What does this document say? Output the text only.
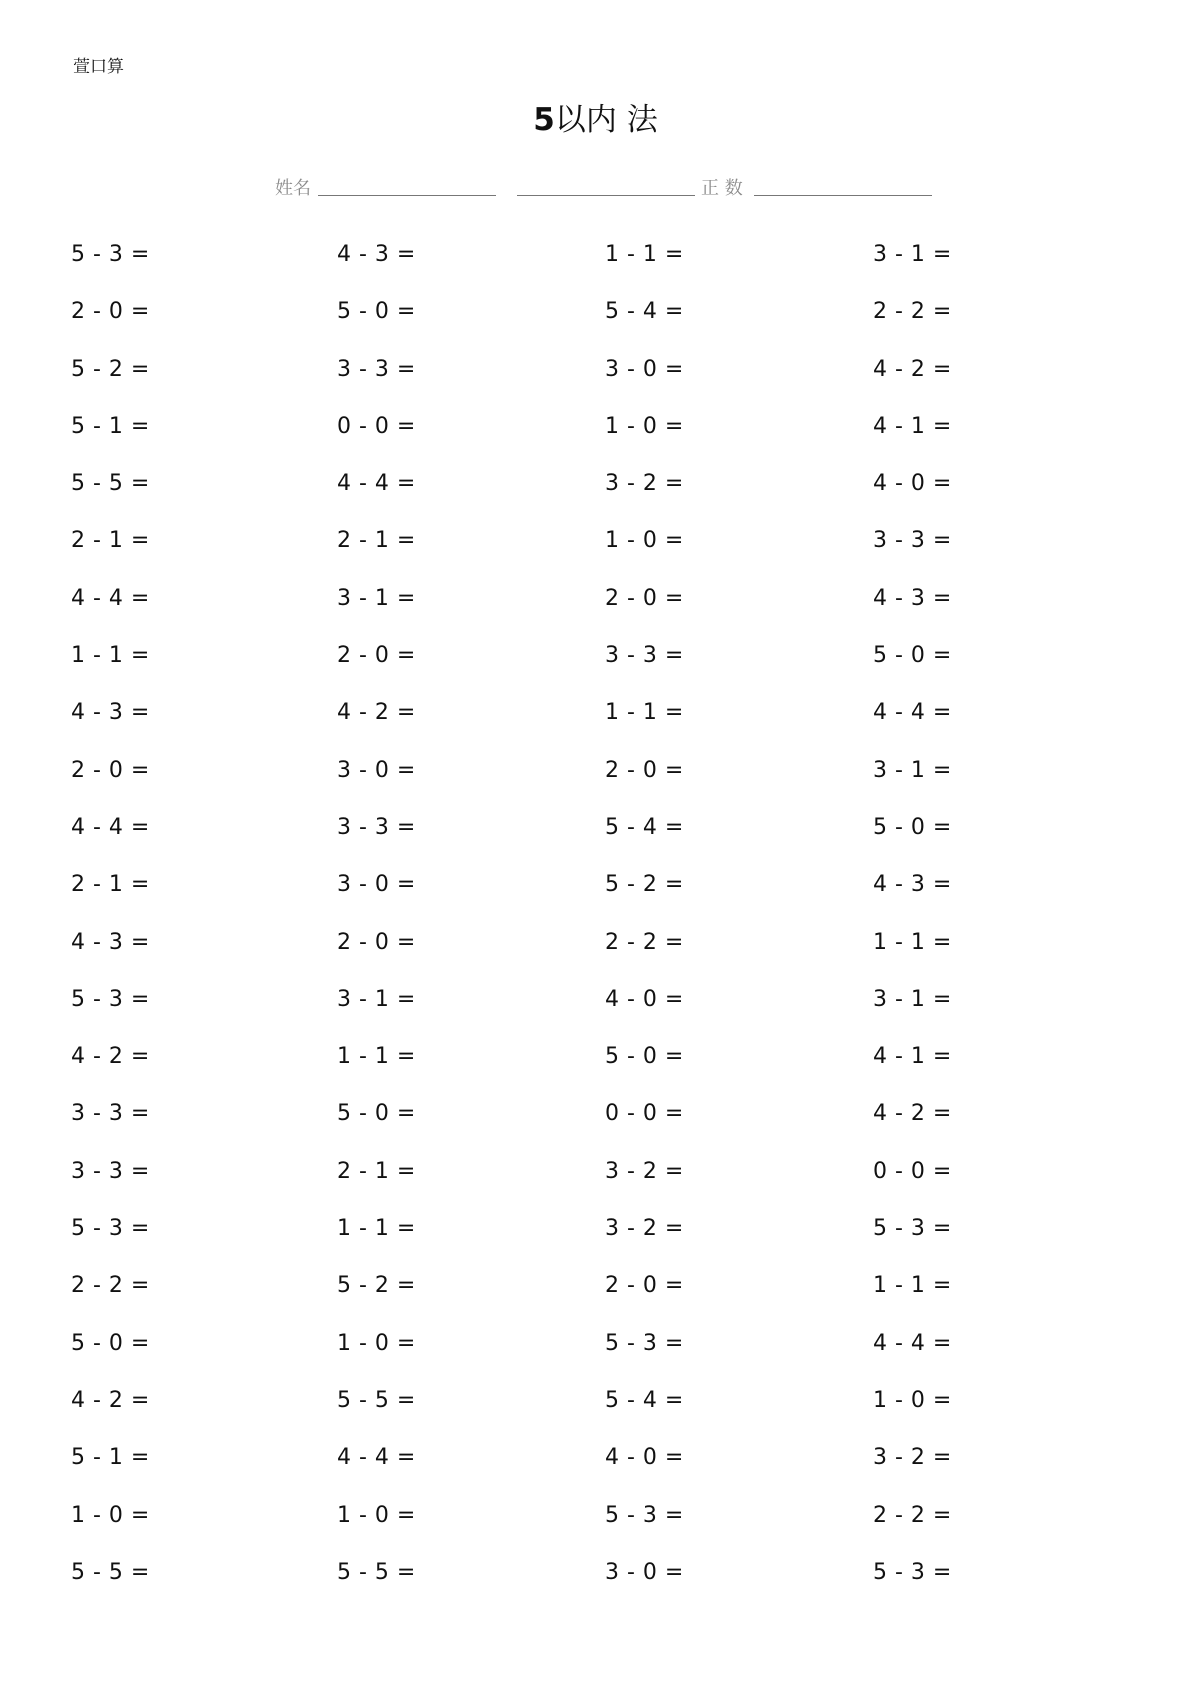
萱口算
5以内 法
姓名	正 数
5 - 3 =	4 - 3 =	1 - 1 =	3 - 1 =
2 - 0 =	5 - 0 =	5 - 4 =	2 - 2 =
5 - 2 =	3 - 3 =	3 - 0 =	4 - 2 =
5 - 1 =	0 - 0 =	1 - 0 =	4 - 1 =
5 - 5 =	4 - 4 =	3 - 2 =	4 - 0 =
2 - 1 =	2 - 1 =	1 - 0 =	3 - 3 =
4 - 4 =	3 - 1 =	2 - 0 =	4 - 3 =
1 - 1 =	2 - 0 =	3 - 3 =	5 - 0 =
4 - 3 =	4 - 2 =	1 - 1 =	4 - 4 =
2 - 0 =	3 - 0 =	2 - 0 =	3 - 1 =
4 - 4 =	3 - 3 =	5 - 4 =	5 - 0 =
2 - 1 =	3 - 0 =	5 - 2 =	4 - 3 =
4 - 3 =	2 - 0 =	2 - 2 =	1 - 1 =
5 - 3 =	3 - 1 =	4 - 0 =	3 - 1 =
4 - 2 =	1 - 1 =	5 - 0 =	4 - 1 =
3 - 3 =	5 - 0 =	0 - 0 =	4 - 2 =
3 - 3 =	2 - 1 =	3 - 2 =	0 - 0 =
5 - 3 =	1 - 1 =	3 - 2 =	5 - 3 =
2 - 2 =	5 - 2 =	2 - 0 =	1 - 1 =
5 - 0 =	1 - 0 =	5 - 3 =	4 - 4 =
4 - 2 =	5 - 5 =	5 - 4 =	1 - 0 =
5 - 1 =	4 - 4 =	4 - 0 =	3 - 2 =
1 - 0 =	1 - 0 =	5 - 3 =	2 - 2 =
5 - 5 =	5 - 5 =	3 - 0 =	5 - 3 =
